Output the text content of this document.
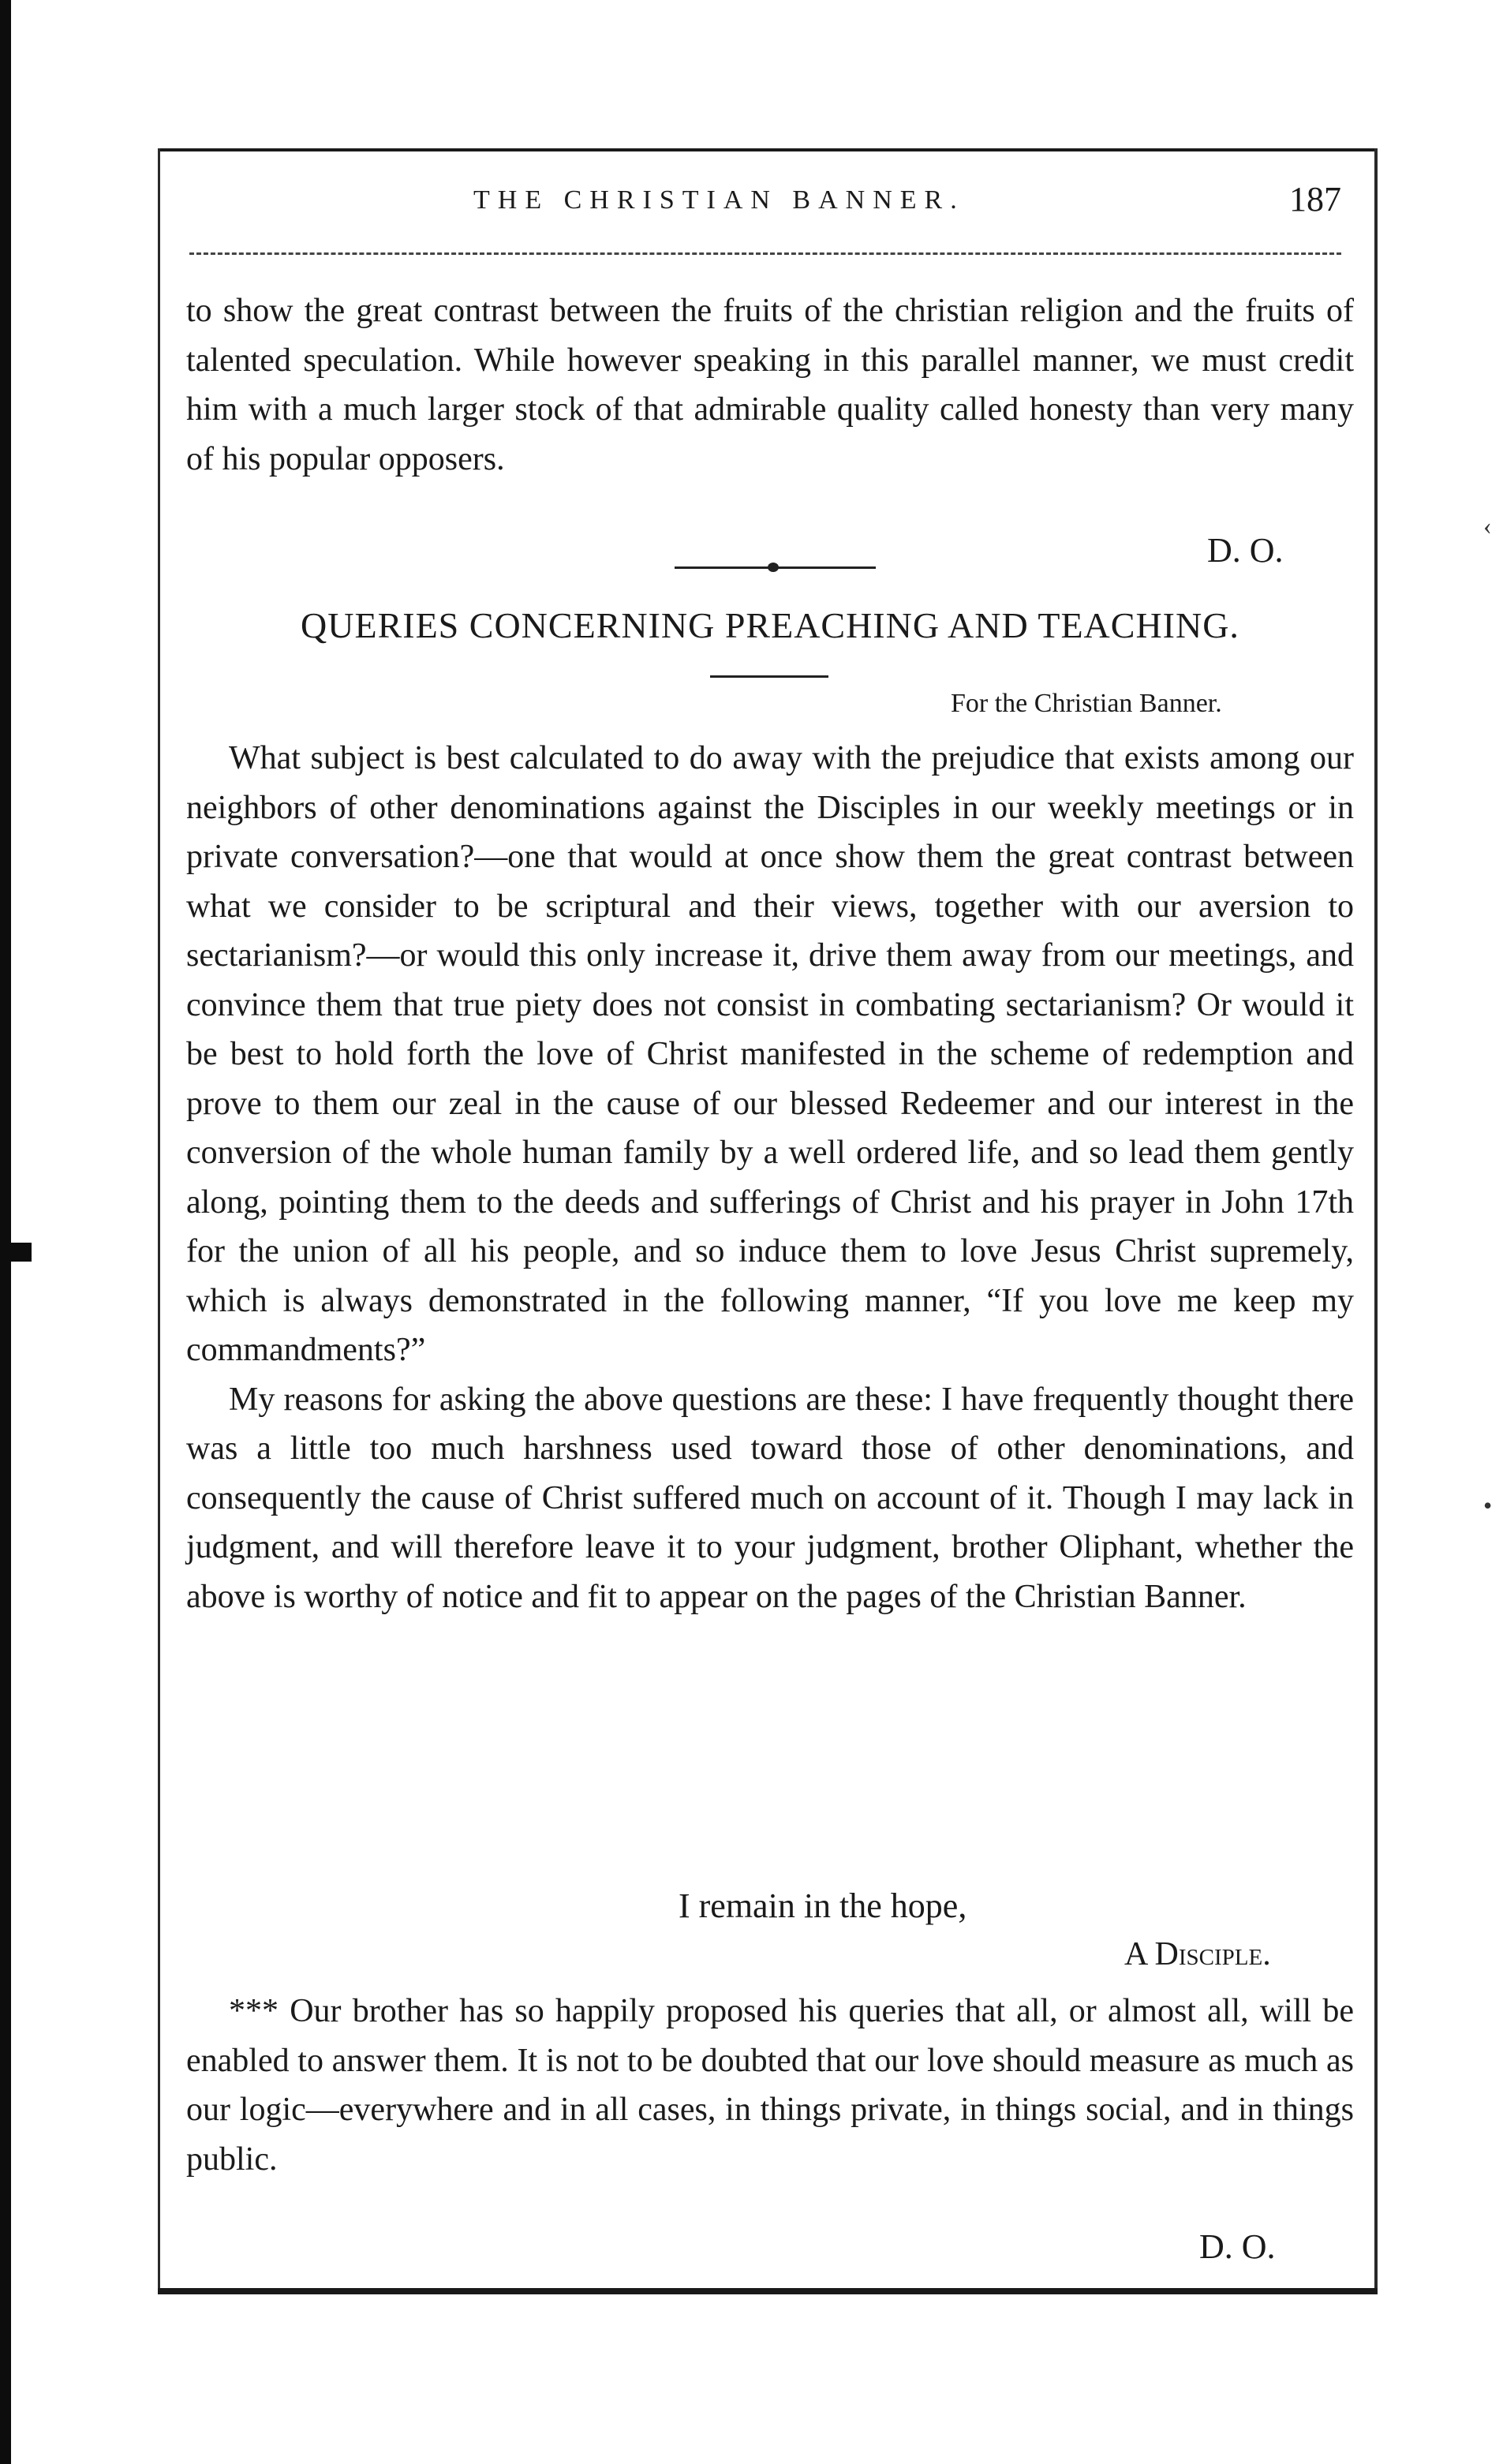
THE CHRISTIAN BANNER.	187

to show the great contrast between the fruits of the christian religion and the fruits of talented speculation. While however speaking in this parallel manner, we must credit him with a much larger stock of that admirable quality called honesty than very many of his popular opposers.

D. O.
QUERIES CONCERNING PREACHING AND TEACHING.
For the Christian Banner.

What subject is best calculated to do away with the prejudice that exists among our neighbors of other denominations against the Disciples in our weekly meetings or in private conversation?—one that would at once show them the great contrast between what we consider to be scriptural and their views, together with our aversion to sectarianism?—or would this only increase it, drive them away from our meetings, and convince them that true piety does not consist in combating sectarianism? Or would it be best to hold forth the love of Christ manifested in the scheme of redemption and prove to them our zeal in the cause of our blessed Redeemer and our interest in the conversion of the whole human family by a well ordered life, and so lead them gently along, pointing them to the deeds and sufferings of Christ and his prayer in John 17th for the union of all his people, and so induce them to love Jesus Christ supremely, which is always demonstrated in the following manner, “If you love me keep my commandments?”

My reasons for asking the above questions are these: I have frequently thought there was a little too much harshness used toward those of other denominations, and consequently the cause of Christ suffered much on account of it. Though I may lack in judgment, and will therefore leave it to your judgment, brother Oliphant, whether the above is worthy of notice and fit to appear on the pages of the Christian Banner.

I remain in the hope,
A Disciple.

*** Our brother has so happily proposed his queries that all, or almost all, will be enabled to answer them. It is not to be doubted that our love should measure as much as our logic—everywhere and in all cases, in things private, in things social, and in things public.

D. O.
‹
•
